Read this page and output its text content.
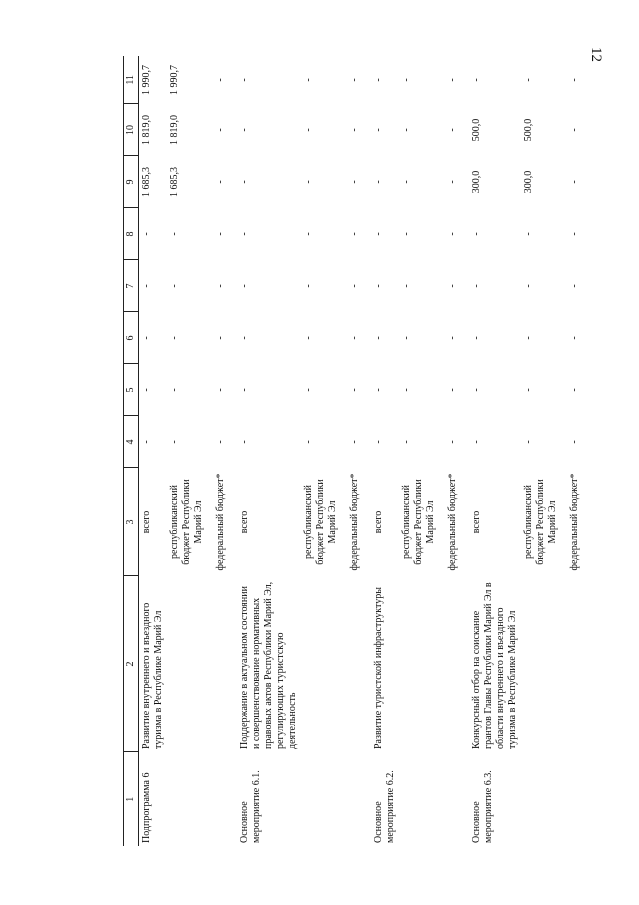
12
1	2	3	4	5	6	7	8	9	10	11
Подпрограмма 6	Развитие внутреннего и въездного туризма в Республике Марий Эл	всего	-	-	-	-	-	1 685,3	1 819,0	1 990,7
		республиканский бюджет Республики Марий Эл	-	-	-	-	-	1 685,3	1 819,0	1 990,7
		федеральный бюджет*	-	-	-	-	-	-	-	-
Основное мероприятие 6.1.	Поддержание в актуальном состоянии и совершенствование нормативных правовых актов Республики Марий Эл, регулирующих туристскую деятельность	всего	-	-	-	-	-	-	-	-
		республиканский бюджет Республики Марий Эл	-	-	-	-	-	-	-	-
		федеральный бюджет*	-	-	-	-	-	-	-	-
Основное мероприятие 6.2.	Развитие туристской инфраструктуры	всего	-	-	-	-	-	-	-	-
		республиканский бюджет Республики Марий Эл	-	-	-	-	-	-	-	-
		федеральный бюджет*	-	-	-	-	-	-	-	-
Основное мероприятие 6.3.	Конкурсный отбор на соискание грантов Главы Республики Марий Эл в области внутреннего и въездного туризма в Республике Марий Эл	всего	-	-	-	-	-	300,0	500,0	-
		республиканский бюджет Республики Марий Эл	-	-	-	-	-	300,0	500,0	-
		федеральный бюджет*	-	-	-	-	-	-	-	-
